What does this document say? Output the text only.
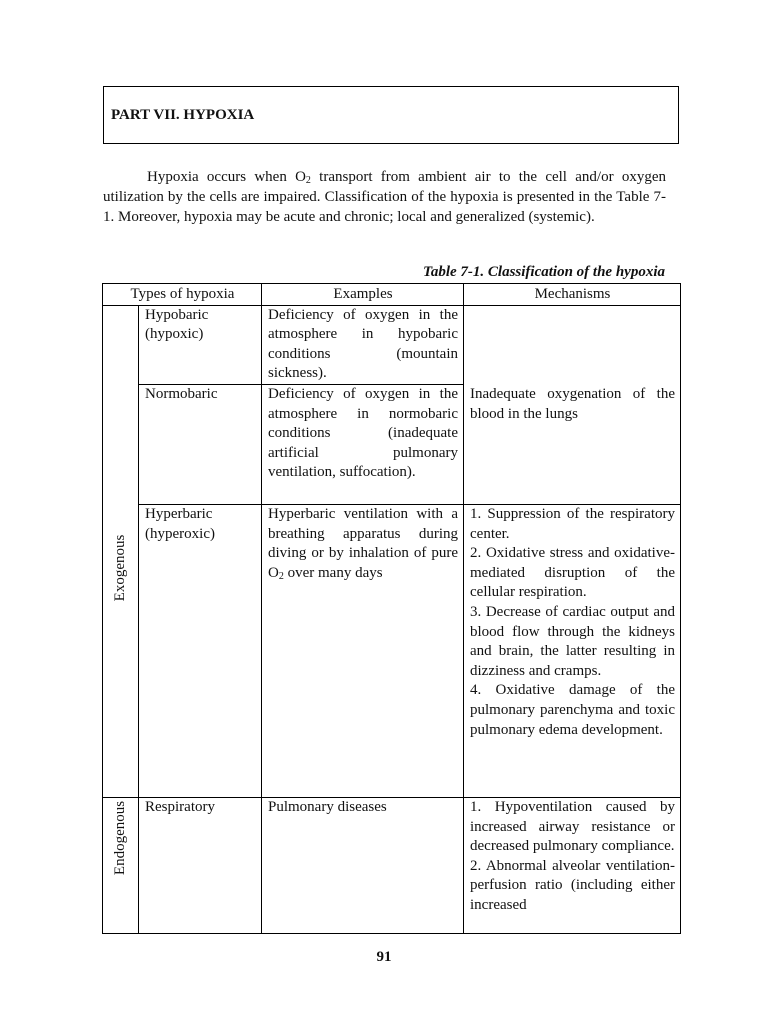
PART VII. HYPOXIA

Hypoxia occurs when $O_2$ transport from ambient air to the cell and/or oxygen utilization by the cells are impaired. Classification of the hypoxia is presented in the Table 7-1. Moreover, hypoxia may be acute and chronic; local and generalized (systemic).

Table 7-1. Classification of the hypoxia
Types of hypoxia		Examples	Mechanisms

Exogenous	Hypobaric (hypoxic)	Deficiency of oxygen in the atmosphere in hypobaric conditions (mountain sickness).	Inadequate oxygenation of the blood in the lungs
	Normobaric	Deficiency of oxygen in the atmosphere in normobaric conditions (inadequate artificial pulmonary ventilation, suffocation).	
	Hyperbaric (hyperoxic)	Hyperbaric ventilation with a breathing apparatus during diving or by inhalation of pure $O_2$ over many days	1. Suppression of the respiratory center.
2. Oxidative stress and oxidative-mediated disruption of the cellular respiration.
3. Decrease of cardiac output and blood flow through the kidneys and brain, the latter resulting in dizziness and cramps.
4. Oxidative damage of the pulmonary parenchyma and toxic pulmonary edema development.

Endogenous	Respiratory	Pulmonary diseases	1. Hypoventilation caused by increased airway resistance or decreased pulmonary compliance.
2. Abnormal alveolar ventilation-perfusion ratio (including either increased
91
